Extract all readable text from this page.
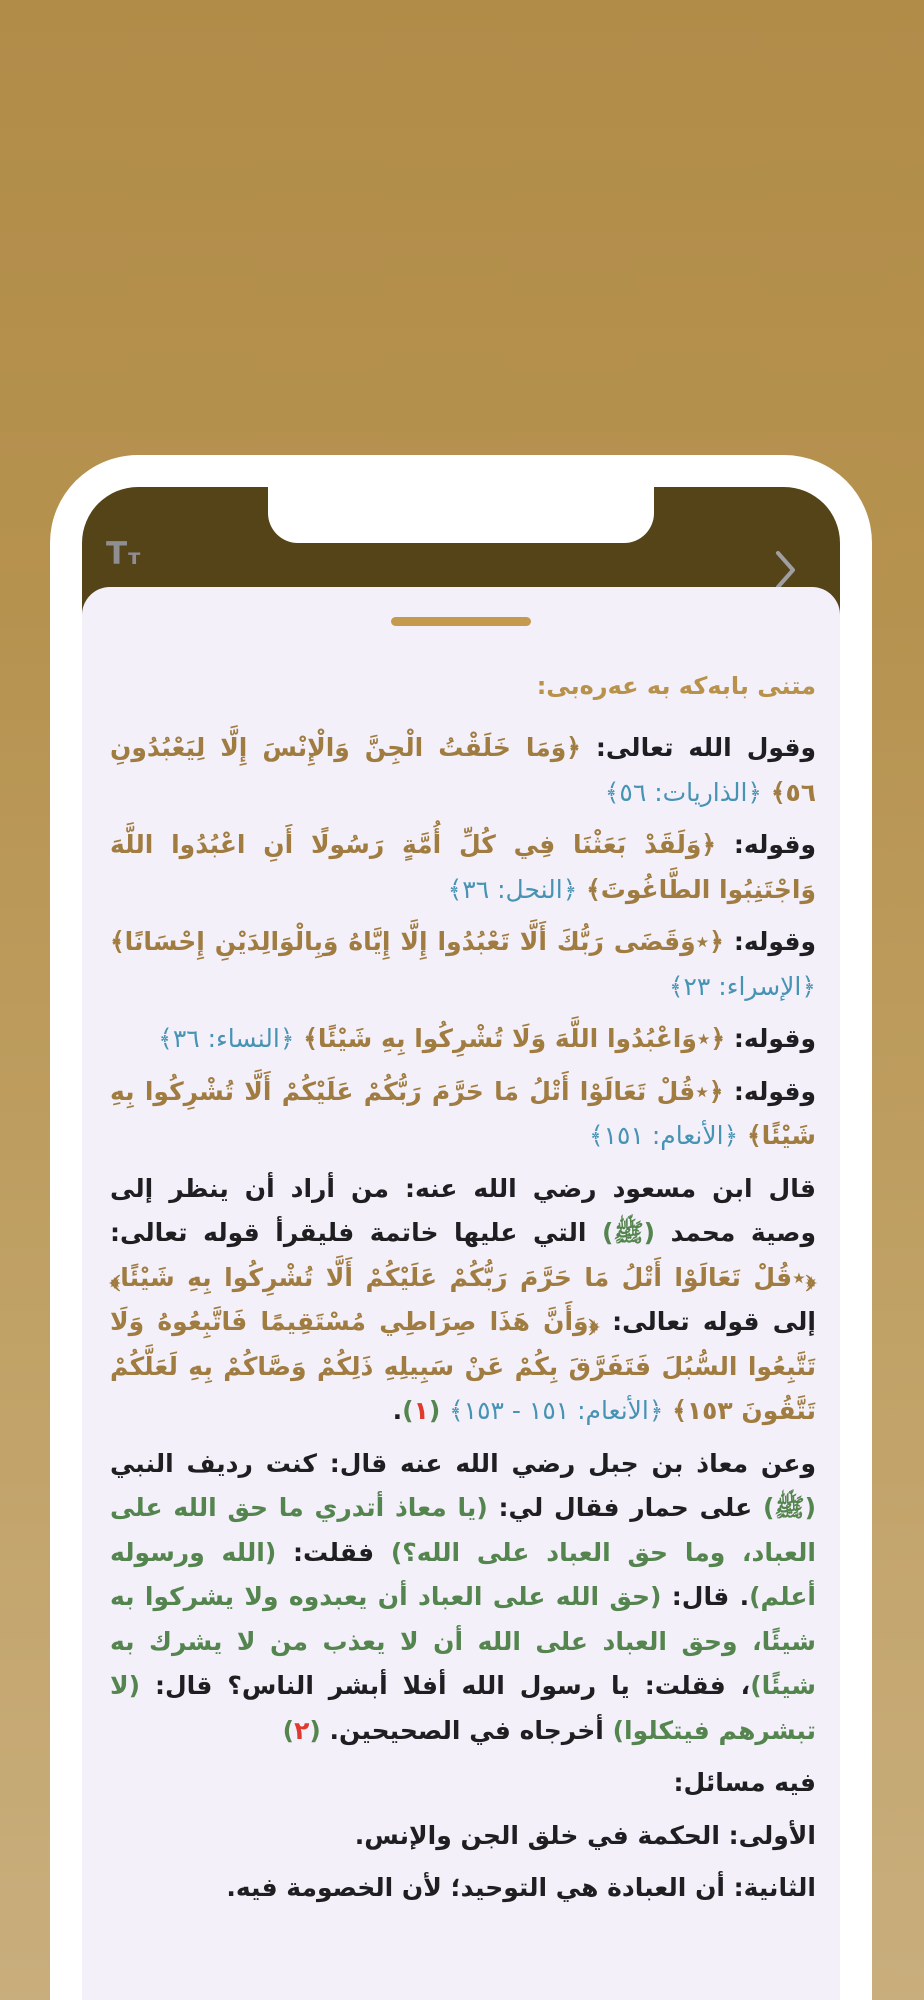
T т
متنى بابەكە به عەرەبى:

وقول الله تعالى: ﴿وَمَا خَلَقْتُ الْجِنَّ وَالْإِنْسَ إِلَّا لِيَعْبُدُونِ ٥٦﴾ ﴿الذاريات: ٥٦﴾

وقوله: ﴿وَلَقَدْ بَعَثْنَا فِي كُلِّ أُمَّةٍ رَسُولًا أَنِ اعْبُدُوا اللَّهَ وَاجْتَنِبُوا الطَّاغُوتَ﴾ ﴿النحل: ٣٦﴾

وقوله: ﴿٭وَقَضَى رَبُّكَ أَلَّا تَعْبُدُوا إِلَّا إِيَّاهُ وَبِالْوَالِدَيْنِ إِحْسَانًا﴾ ﴿الإسراء: ٢٣﴾

وقوله: ﴿٭وَاعْبُدُوا اللَّهَ وَلَا تُشْرِكُوا بِهِ شَيْئًا﴾ ﴿النساء: ٣٦﴾

وقوله: ﴿٭قُلْ تَعَالَوْا أَتْلُ مَا حَرَّمَ رَبُّكُمْ عَلَيْكُمْ أَلَّا تُشْرِكُوا بِهِ شَيْئًا﴾ ﴿الأنعام: ١٥١﴾

قال ابن مسعود رضي الله عنه: من أراد أن ينظر إلى وصية محمد (ﷺ) التي عليها خاتمة فليقرأ قوله تعالى: ﴿٭قُلْ تَعَالَوْا أَتْلُ مَا حَرَّمَ رَبُّكُمْ عَلَيْكُمْ أَلَّا تُشْرِكُوا بِهِ شَيْئًا﴾ إلى قوله تعالى: ﴿وَأَنَّ هَذَا صِرَاطِي مُسْتَقِيمًا فَاتَّبِعُوهُ وَلَا تَتَّبِعُوا السُّبُلَ فَتَفَرَّقَ بِكُمْ عَنْ سَبِيلِهِ ذَلِكُمْ وَصَّاكُمْ بِهِ لَعَلَّكُمْ تَتَّقُونَ ١٥٣﴾ ﴿الأنعام: ١٥١ - ١٥٣﴾ (١).

وعن معاذ بن جبل رضي الله عنه قال: كنت رديف النبي (ﷺ) على حمار فقال لي: (يا معاذ أتدري ما حق الله على العباد، وما حق العباد على الله؟) فقلت: (الله ورسوله أعلم). قال: (حق الله على العباد أن يعبدوه ولا يشركوا به شيئًا، وحق العباد على الله أن لا يعذب من لا يشرك به شيئًا)، فقلت: يا رسول الله أفلا أبشر الناس؟ قال: (لا تبشرهم فيتكلوا) أخرجاه في الصحيحين. (٢)

فيه مسائل:

الأولى: الحكمة في خلق الجن والإنس.

الثانية: أن العبادة هي التوحيد؛ لأن الخصومة فيه.
